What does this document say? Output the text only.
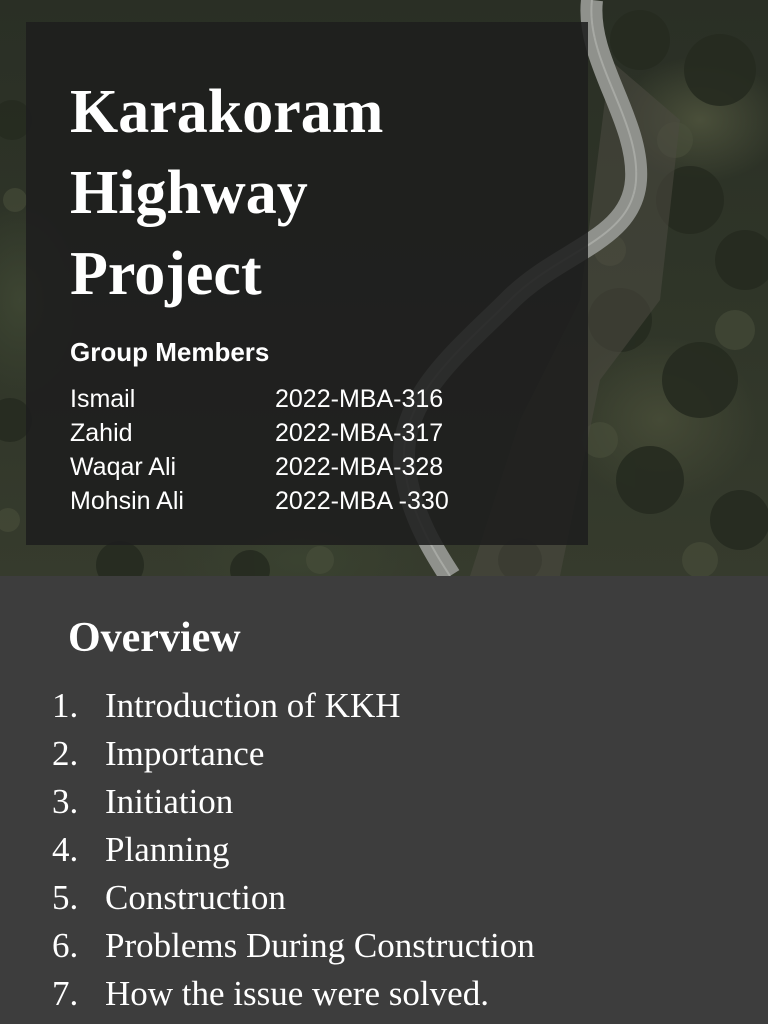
Karakoram
Highway
Project
Group Members
Ismail	2022-MBA-316
Zahid	2022-MBA-317
Waqar Ali	2022-MBA-328
Mohsin Ali	2022-MBA -330
Overview
1. Introduction of KKH
2. Importance
3. Initiation
4. Planning
5. Construction
6. Problems During Construction
7. How the issue were solved.
